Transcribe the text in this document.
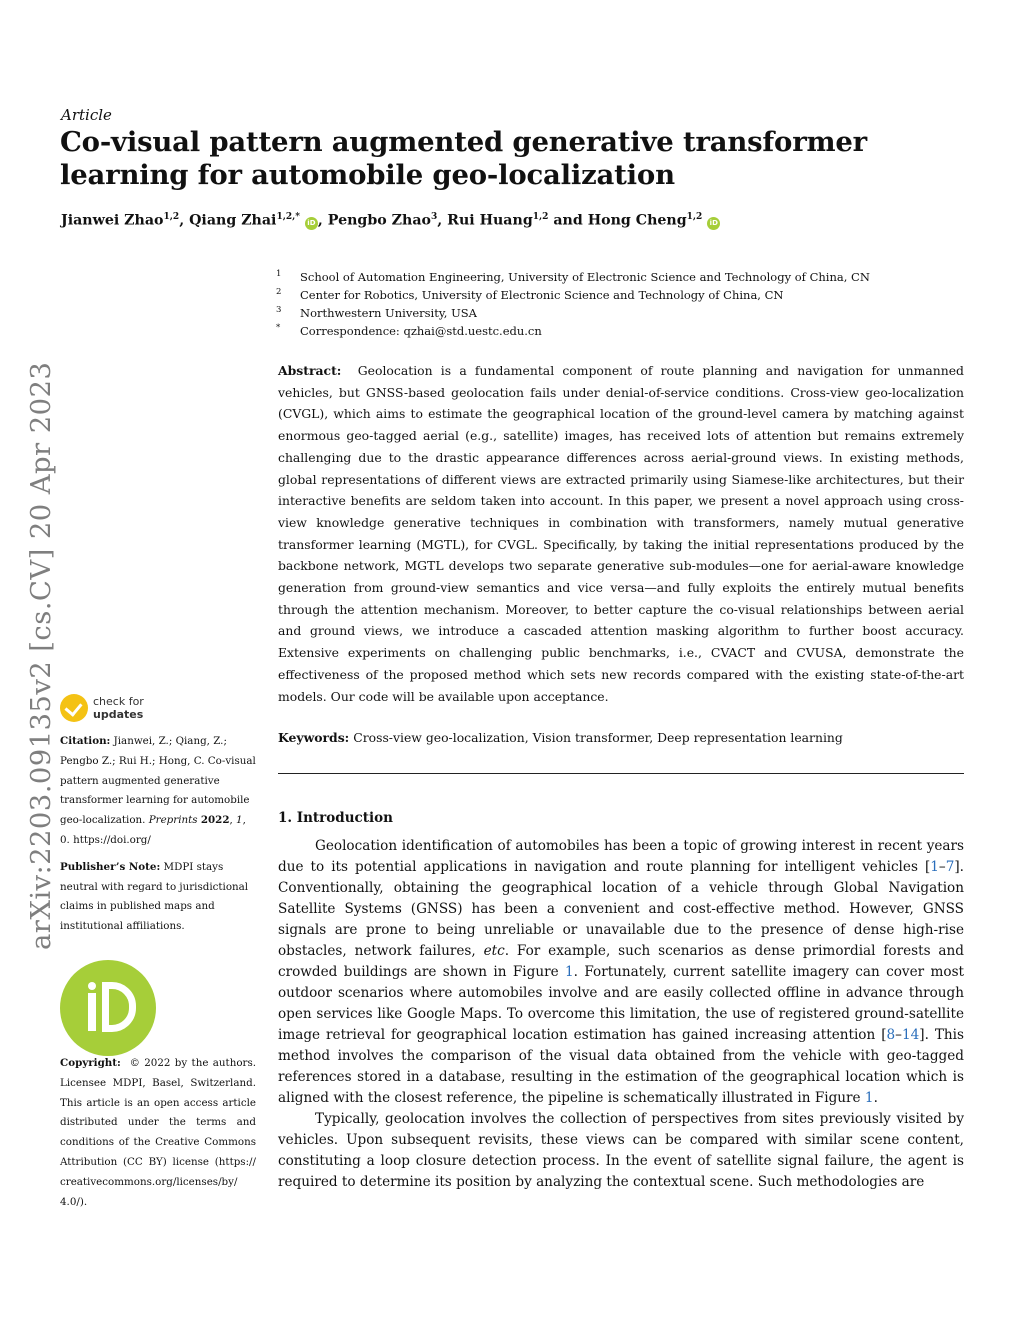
Article
Co-visual pattern augmented generative transformer learning for automobile geo-localization
Jianwei Zhao$^{1,2}$, Qiang Zhai$^{1,2,*}$ iD , Pengbo Zhao$^3$, Rui Huang$^{1,2}$ and Hong Cheng$^{1,2}$ iD
1 School of Automation Engineering, University of Electronic Science and Technology of China, CN
2 Center for Robotics, University of Electronic Science and Technology of China, CN
3 Northwestern University, USA
* Correspondence: qzhai@std.uestc.edu.cn
Abstract: Geolocation is a fundamental component of route planning and navigation for unmanned vehicles, but GNSS-based geolocation fails under denial-of-service conditions. Cross-view geo-localization (CVGL), which aims to estimate the geographical location of the ground-level camera by matching against enormous geo-tagged aerial (e.g., satellite) images, has received lots of attention but remains extremely challenging due to the drastic appearance differences across aerial-ground views. In existing methods, global representations of different views are extracted primarily using Siamese-like architectures, but their interactive benefits are seldom taken into account. In this paper, we present a novel approach using cross-view knowledge generative techniques in combination with transformers, namely mutual generative transformer learning (MGTL), for CVGL. Specifically, by taking the initial representations produced by the backbone network, MGTL develops two separate generative sub-modules—one for aerial-aware knowledge generation from ground-view semantics and vice versa—and fully exploits the entirely mutual benefits through the attention mechanism. Moreover, to better capture the co-visual relationships between aerial and ground views, we introduce a cascaded attention masking algorithm to further boost accuracy. Extensive experiments on challenging public benchmarks, i.e., CVACT and CVUSA, demonstrate the effectiveness of the proposed method which sets new records compared with the existing state-of-the-art models. Our code will be available upon acceptance.
Keywords: Cross-view geo-localization, Vision transformer, Deep representation learning
1. Introduction

Geolocation identification of automobiles has been a topic of growing interest in recent years due to its potential applications in navigation and route planning for intelligent vehicles [1–7]. Conventionally, obtaining the geographical location of a vehicle through Global Navigation Satellite Systems (GNSS) has been a convenient and cost-effective method. However, GNSS signals are prone to being unreliable or unavailable due to the presence of dense high-rise obstacles, network failures, etc. For example, such scenarios as dense primordial forests and crowded buildings are shown in Figure 1. Fortunately, current satellite imagery can cover most outdoor scenarios where automobiles involve and are easily collected offline in advance through open services like Google Maps. To overcome this limitation, the use of registered ground-satellite image retrieval for geographical location estimation has gained increasing attention [8–14]. This method involves the comparison of the visual data obtained from the vehicle with geo-tagged references stored in a database, resulting in the estimation of the geographical location which is aligned with the closest reference, the pipeline is schematically illustrated in Figure 1.

Typically, geolocation involves the collection of perspectives from sites previously visited by vehicles. Upon subsequent revisits, these views can be compared with similar scene content, constituting a loop closure detection process. In the event of satellite signal failure, the agent is required to determine its position by analyzing the contextual scene. Such methodologies are

arXiv:2203.09135v2 [cs.CV] 20 Apr 2023	check for
updates
Citation: Jianwei, Z.; Qiang, Z.; Pengbo Z.; Rui H.; Hong, C. Co-visual pattern augmented generative transformer learning for automobile geo-localization. Preprints 2022, 1, 0. https://doi.org/
Publisher’s Note: MDPI stays neutral with regard to jurisdictional claims in published maps and institutional affiliations.
Copyright: © 2022 by the authors. Licensee MDPI, Basel, Switzerland. This article is an open access article distributed under the terms and conditions of the Creative Commons Attribution (CC BY) license (https:// creativecommons.org/licenses/by/ 4.0/).
